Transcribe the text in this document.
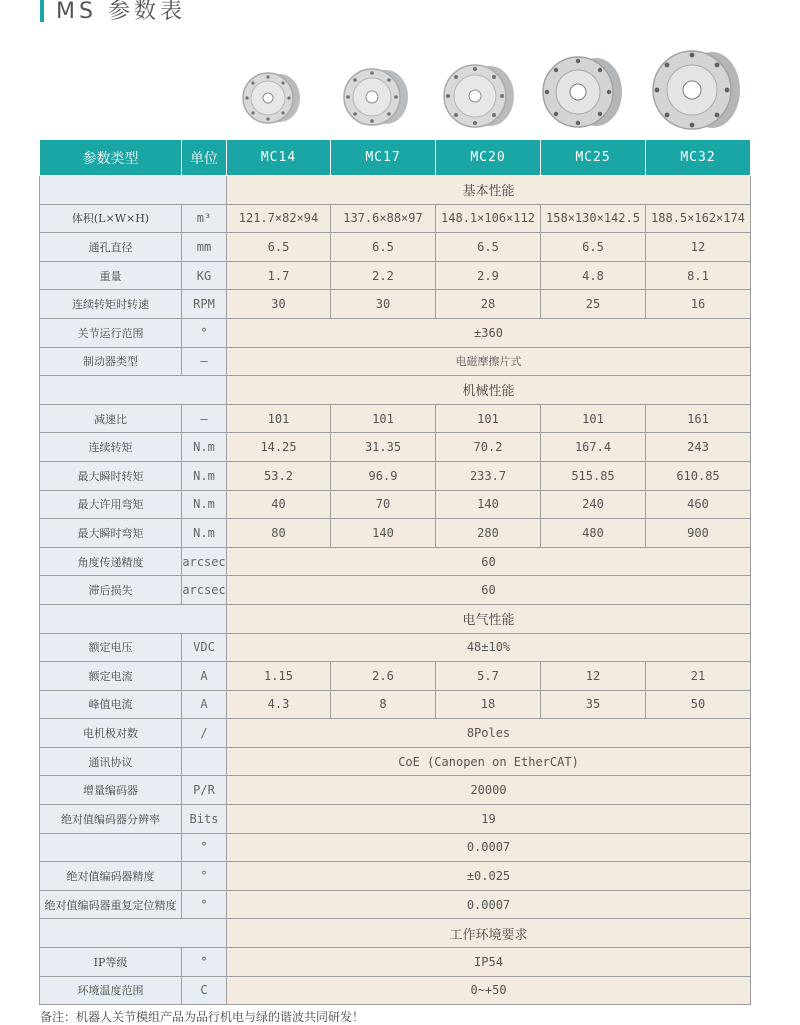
MS 参数表
参数类型	单位	MC14	MC17	MC20	MC25	MC32
		基本性能				
体积(L×W×H)	m³	121.7×82×94	137.6×88×97	148.1×106×112	158×130×142.5	188.5×162×174
通孔直径	mm	6.5	6.5	6.5	6.5	12
重量	KG	1.7	2.2	2.9	4.8	8.1
连续转矩时转速	RPM	30	30	28	25	16
关节运行范围	°	±360				
制动器类型	—	电磁摩擦片式				
		机械性能				
减速比	—	101	101	101	101	161
连续转矩	N.m	14.25	31.35	70.2	167.4	243
最大瞬时转矩	N.m	53.2	96.9	233.7	515.85	610.85
最大许用弯矩	N.m	40	70	140	240	460
最大瞬时弯矩	N.m	80	140	280	480	900
角度传递精度	arcsec	60				
滞后损失	arcsec	60				
		电气性能				
额定电压	VDC	48±10%				
额定电流	A	1.15	2.6	5.7	12	21
峰值电流	A	4.3	8	18	35	50
电机极对数	/	8Poles				
通讯协议		CoE (Canopen on EtherCAT)				
增量编码器	P/R	20000				
绝对值编码器分辨率	Bits	19				
	°	0.0007				
绝对值编码器精度	°	±0.025				
绝对值编码器重复定位精度	°	0.0007				
		工作环境要求				
IP等级	°	IP54				
环境温度范围	C	0~+50				
备注：机器人关节模组产品为品行机电与绿的谐波共同研发！
